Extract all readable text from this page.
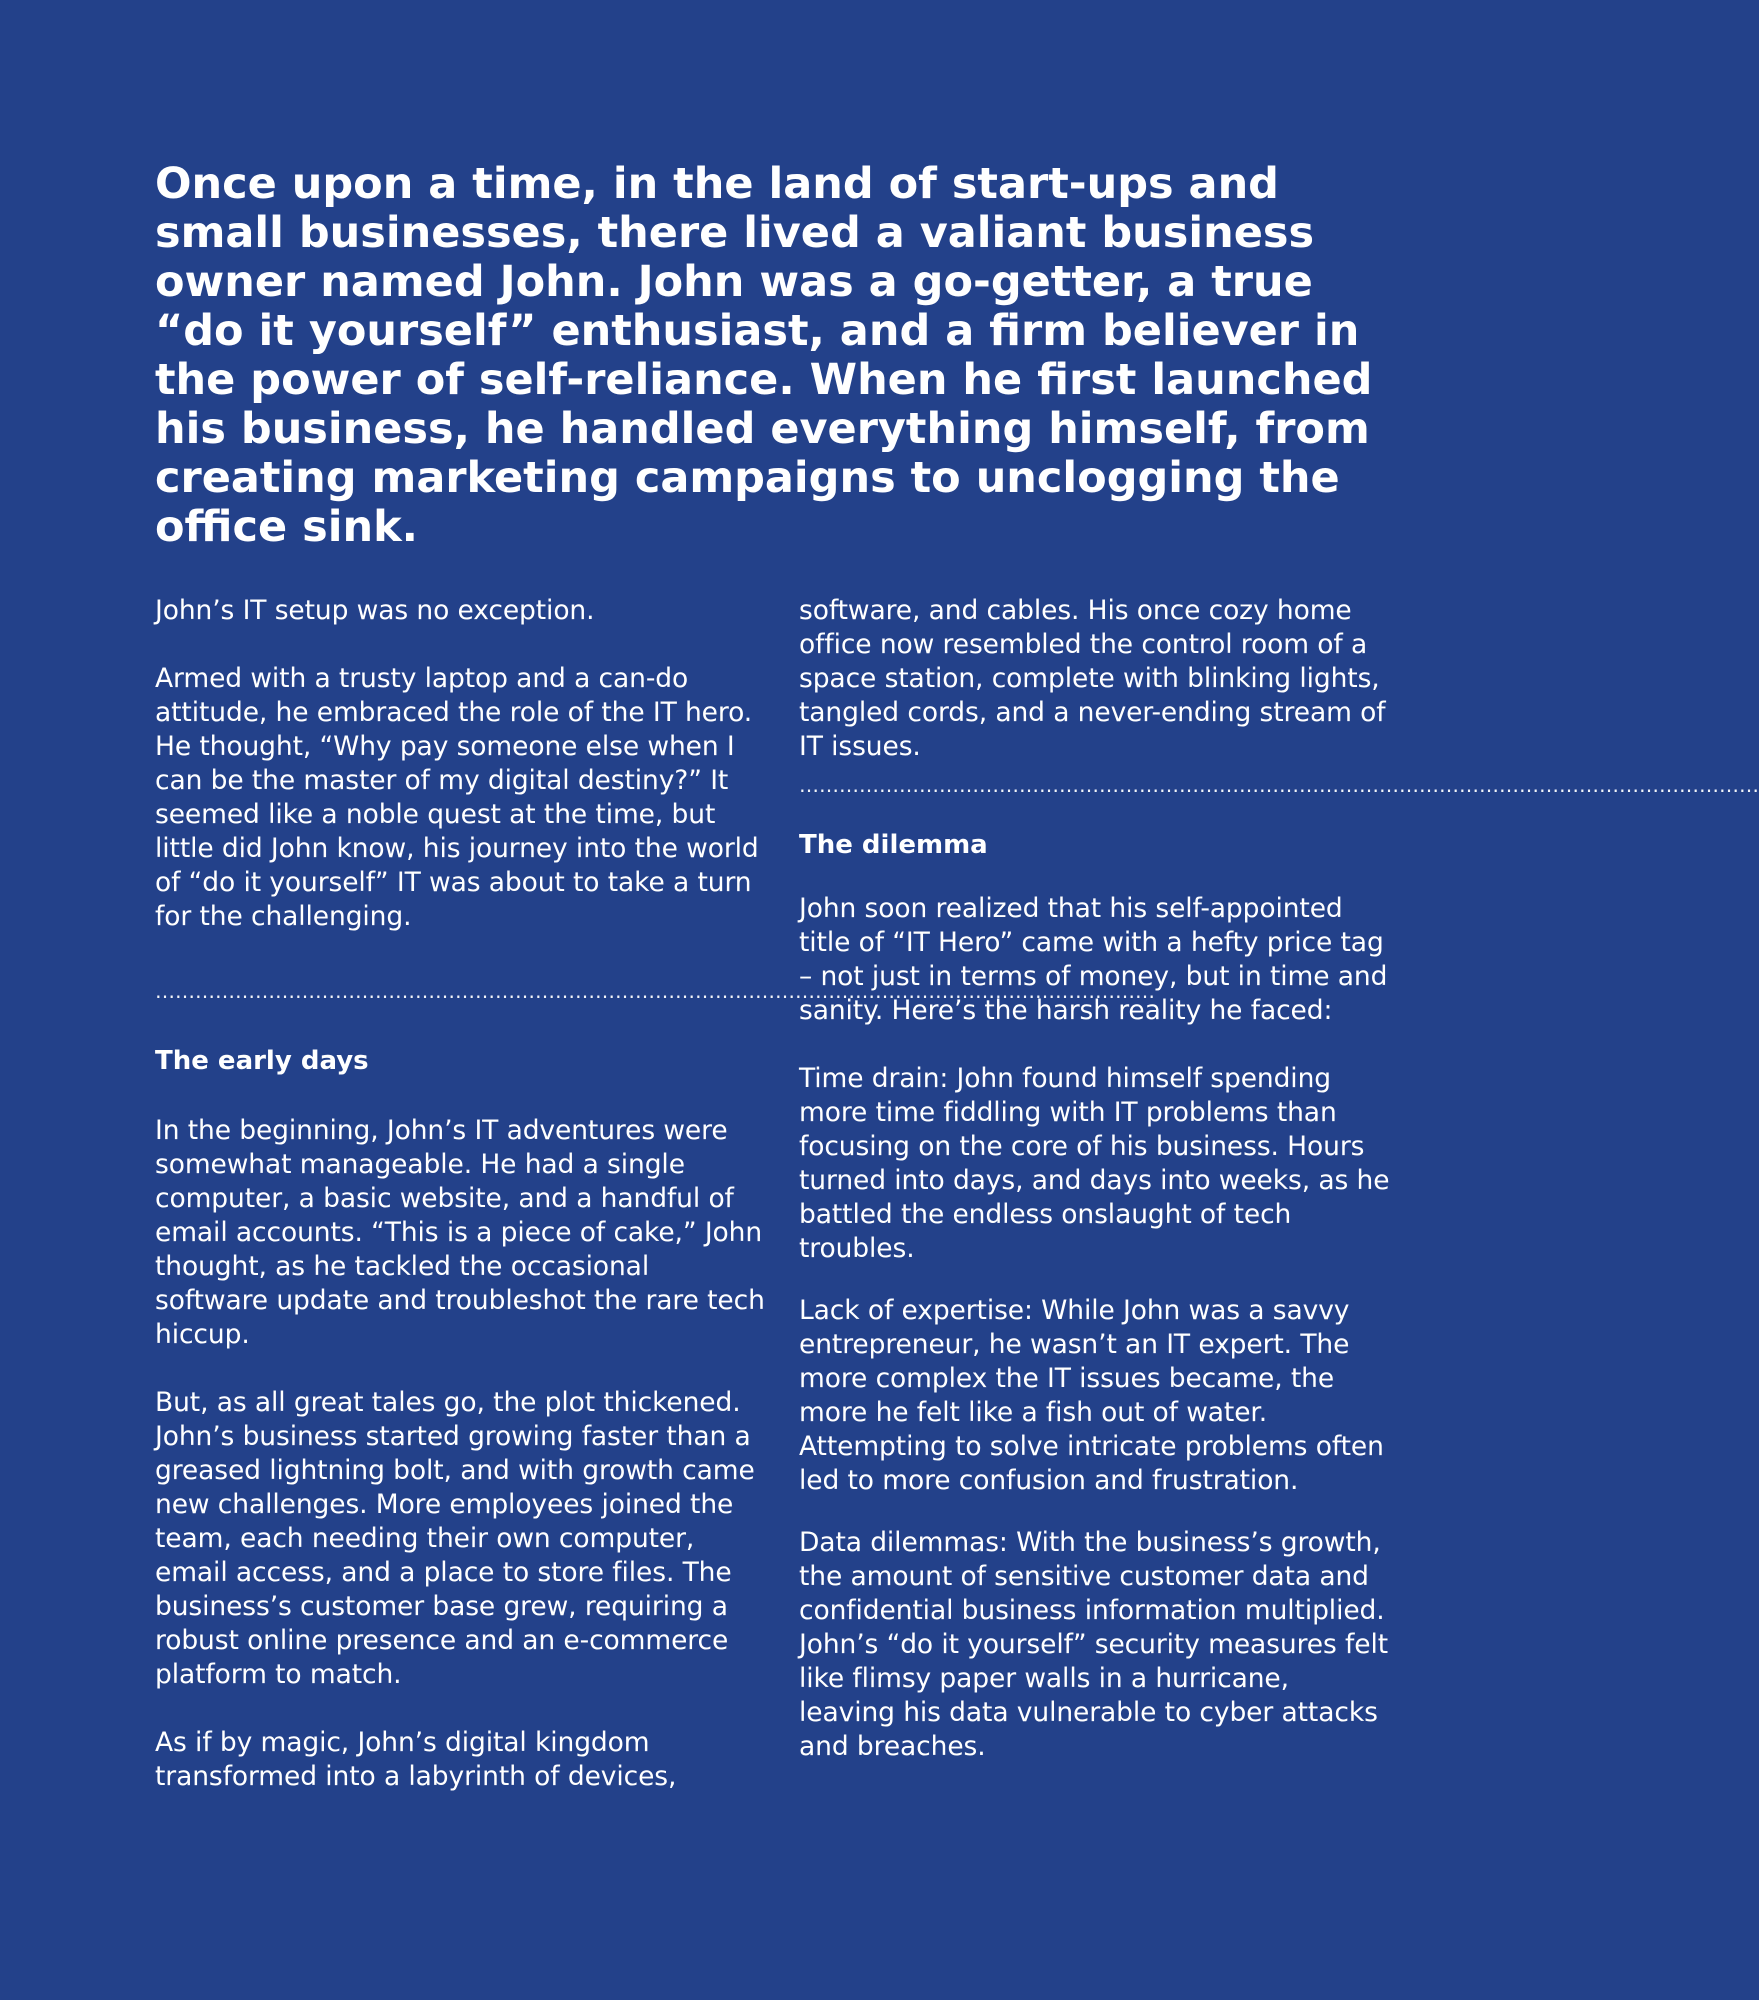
Once upon a time, in the land of start-ups and small businesses, there lived a valiant business owner named John. John was a go-getter, a true “do it yourself” enthusiast, and a firm believer in the power of self-reliance. When he first launched his business, he handled everything himself, from creating marketing campaigns to unclogging the office sink.

John’s IT setup was no exception.

Armed with a trusty laptop and a can-do attitude, he embraced the role of the IT hero. He thought, “Why pay someone else when I can be the master of my digital destiny?” It seemed like a noble quest at the time, but little did John know, his journey into the world of “do it yourself” IT was about to take a turn for the challenging.

……………………………………………………………………………………………………………………………………

The early days

In the beginning, John’s IT adventures were somewhat manageable. He had a single computer, a basic website, and a handful of email accounts. “This is a piece of cake,” John thought, as he tackled the occasional software update and troubleshot the rare tech hiccup.

But, as all great tales go, the plot thickened. John’s business started growing faster than a greased lightning bolt, and with growth came new challenges. More employees joined the team, each needing their own computer, email access, and a place to store files. The business’s customer base grew, requiring a robust online presence and an e-commerce platform to match.

As if by magic, John’s digital kingdom transformed into a labyrinth of devices,

software, and cables. His once cozy home office now resembled the control room of a space station, complete with blinking lights, tangled cords, and a never-ending stream of IT issues.

………………………………………………………………………………………………………………………………

The dilemma

John soon realized that his self-appointed title of “IT Hero” came with a hefty price tag – not just in terms of money, but in time and sanity. Here’s the harsh reality he faced:

Time drain: John found himself spending more time fiddling with IT problems than focusing on the core of his business. Hours turned into days, and days into weeks, as he battled the endless onslaught of tech troubles.

Lack of expertise: While John was a savvy entrepreneur, he wasn’t an IT expert. The more complex the IT issues became, the more he felt like a fish out of water. Attempting to solve intricate problems often led to more confusion and frustration.

Data dilemmas: With the business’s growth, the amount of sensitive customer data and confidential business information multiplied. John’s “do it yourself” security measures felt like flimsy paper walls in a hurricane, leaving his data vulnerable to cyber attacks and breaches.
